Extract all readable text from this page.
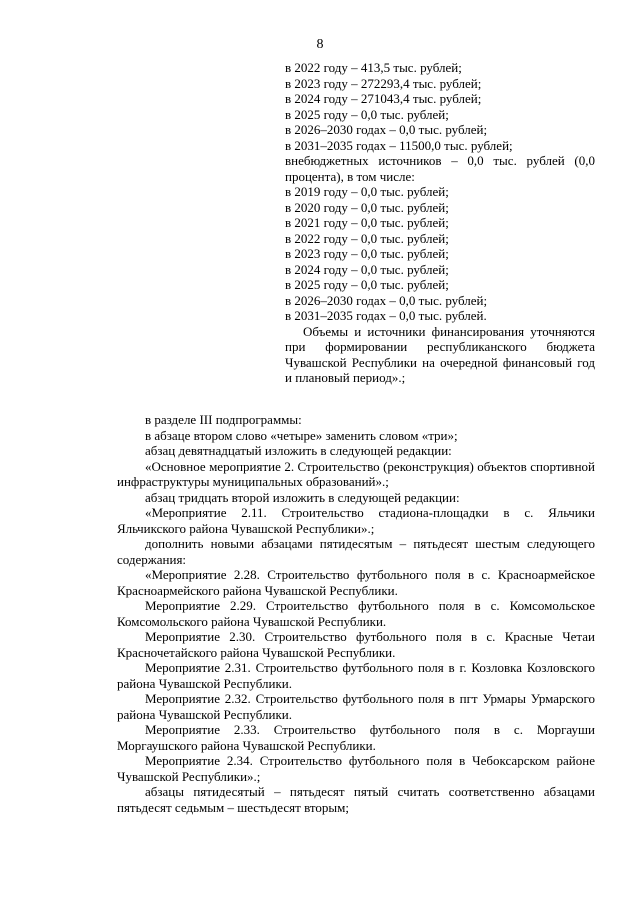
8
в 2022 году – 413,5 тыс. рублей;
в 2023 году – 272293,4 тыс. рублей;
в 2024 году – 271043,4 тыс. рублей;
в 2025 году – 0,0 тыс. рублей;
в 2026–2030 годах – 0,0 тыс. рублей;
в 2031–2035 годах – 11500,0 тыс. рублей;
внебюджетных источников – 0,0 тыс. рублей (0,0 процента), в том числе:
в 2019 году – 0,0 тыс. рублей;
в 2020 году – 0,0 тыс. рублей;
в 2021 году – 0,0 тыс. рублей;
в 2022 году – 0,0 тыс. рублей;
в 2023 году – 0,0 тыс. рублей;
в 2024 году – 0,0 тыс. рублей;
в 2025 году – 0,0 тыс. рублей;
в 2026–2030 годах – 0,0 тыс. рублей;
в 2031–2035 годах – 0,0 тыс. рублей.
Объемы и источники финансирования уточняются при формировании республиканского бюджета Чувашской Республики на очередной финансовый год и плановый период».;

в разделе III подпрограммы:

в абзаце втором слово «четыре» заменить словом «три»;

абзац девятнадцатый изложить в следующей редакции:

«Основное мероприятие 2. Строительство (реконструкция) объектов спортивной инфраструктуры муниципальных образований».;

абзац тридцать второй изложить в следующей редакции:

«Мероприятие 2.11. Строительство стадиона-площадки в с. Яльчики Яльчикского района Чувашской Республики».;

дополнить новыми абзацами пятидесятым – пятьдесят шестым следующего содержания:

«Мероприятие 2.28. Строительство футбольного поля в с. Красноармейское Красноармейского района Чувашской Республики.

Мероприятие 2.29. Строительство футбольного поля в с. Комсомольское Комсомольского района Чувашской Республики.

Мероприятие 2.30. Строительство футбольного поля в с. Красные Четаи Красночетайского района Чувашской Республики.

Мероприятие 2.31. Строительство футбольного поля в г. Козловка Козловского района Чувашской Республики.

Мероприятие 2.32. Строительство футбольного поля в пгт Урмары Урмарского района Чувашской Республики.

Мероприятие 2.33. Строительство футбольного поля в с. Моргауши Моргаушского района Чувашской Республики.

Мероприятие 2.34. Строительство футбольного поля в Чебоксарском районе Чувашской Республики».;

абзацы пятидесятый – пятьдесят пятый считать соответственно абзацами пятьдесят седьмым – шестьдесят вторым;
